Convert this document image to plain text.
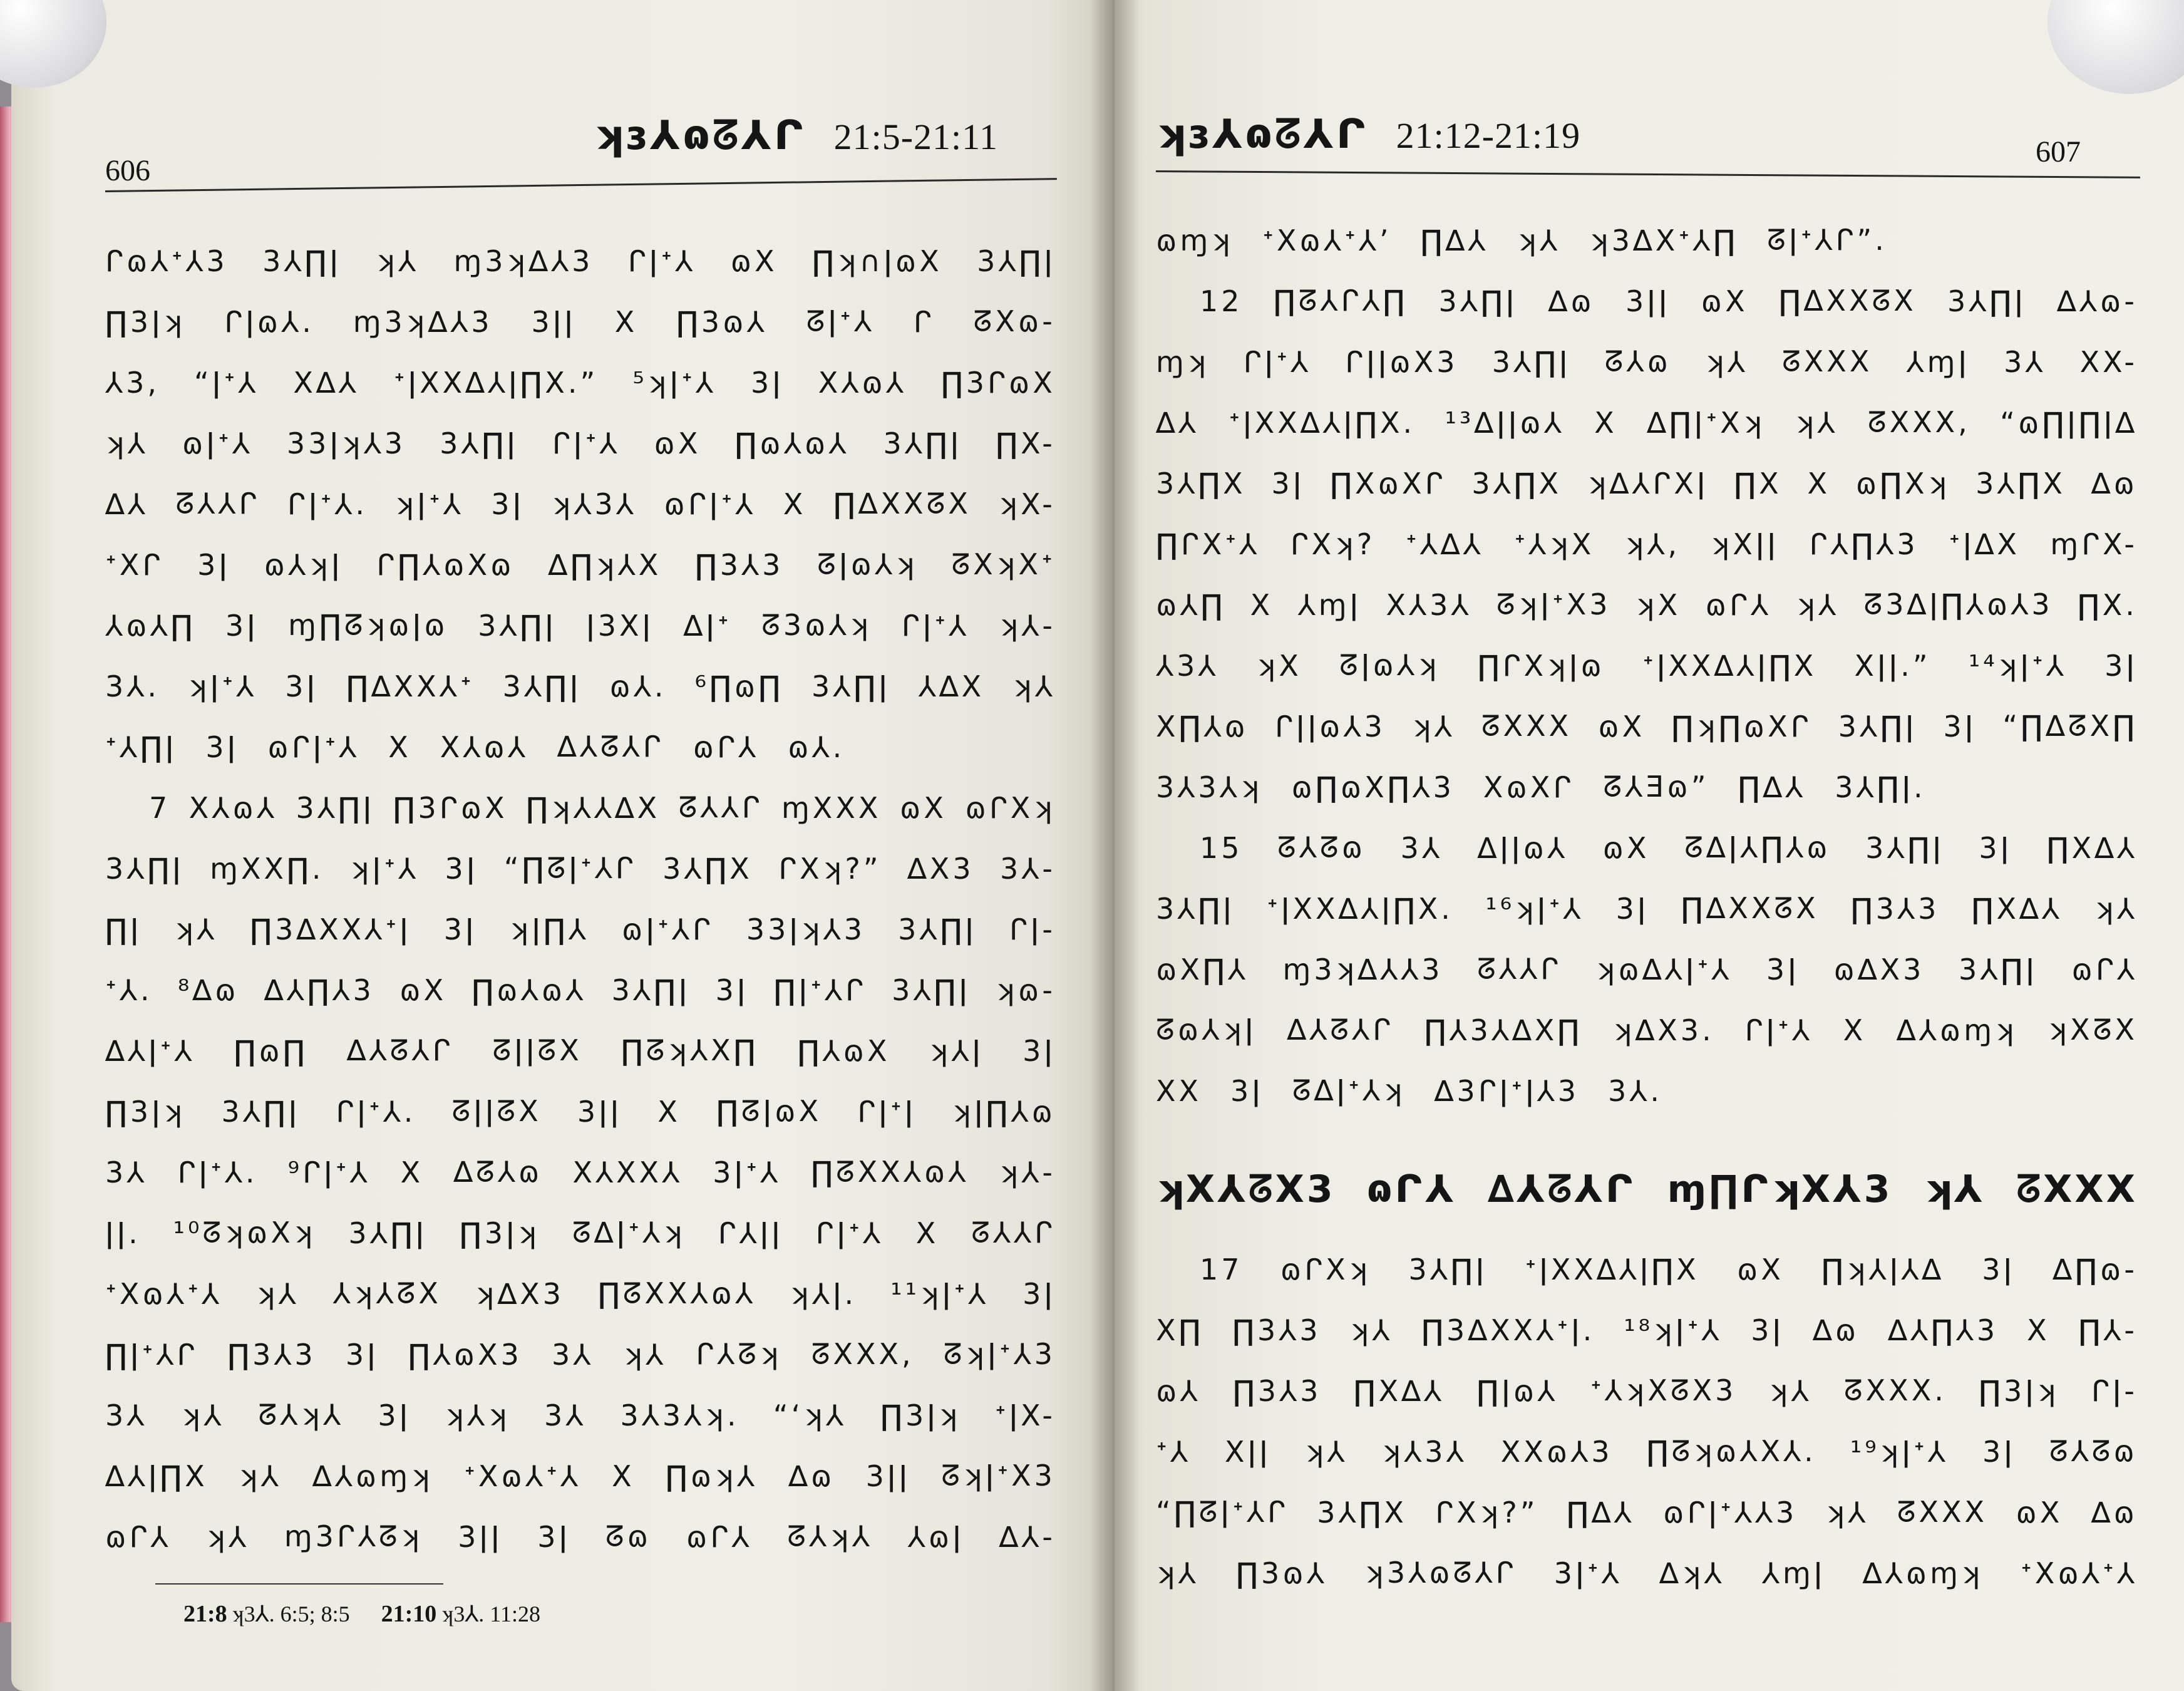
606
ʞɜ⅄ɷᘔ⅄ᒋ 21:5-21:11
ᒋɷ⅄ᐩ⅄3 3⅄∏ǀ ʞ⅄ ɱ3ʞ∆⅄3 ᒋǀᐩ⅄ ɷX ∏ʞ∩ǀɷX 3⅄∏ǀ
∏3ǀʞ ᒋǀɷ⅄. ɱ3ʞ∆⅄3 3ǀǀ X ∏3ɷ⅄ ᘔǀᐩ⅄ ᒋ ᘔXɷ-
⅄3, “ǀᐩ⅄ X∆⅄ ᐩǀXX∆⅄ǀ∏X.” ⁵ʞǀᐩ⅄ 3ǀ X⅄ɷ⅄ ∏3ᒋɷX
ʞ⅄ ɷǀᐩ⅄ 33ǀʞ⅄3 3⅄∏ǀ ᒋǀᐩ⅄ ɷX ∏ɷ⅄ɷ⅄ 3⅄∏ǀ ∏X-
∆⅄ ᘔ⅄⅄ᒋ ᒋǀᐩ⅄. ʞǀᐩ⅄ 3ǀ ʞ⅄3⅄ ɷᒋǀᐩ⅄ X ∏∆XXᘔX ʞX-
ᐩXᒋ 3ǀ ɷ⅄ʞǀ ᒋ∏⅄ɷXɷ ∆∏ʞ⅄X ∏3⅄3 ᘔǀɷ⅄ʞ ᘔXʞXᐩ
⅄ɷ⅄∏ 3ǀ ɱ∏ᘔʞɷǀɷ 3⅄∏ǀ ǀ3Xǀ ∆ǀᐩ ᘔ3ɷ⅄ʞ ᒋǀᐩ⅄ ʞ⅄-
3⅄. ʞǀᐩ⅄ 3ǀ ∏∆XX⅄ᐩ 3⅄∏ǀ ɷ⅄. ⁶∏ɷ∏ 3⅄∏ǀ ⅄∆X ʞ⅄
ᐩ⅄∏ǀ 3ǀ ɷᒋǀᐩ⅄ X X⅄ɷ⅄ ∆⅄ᘔ⅄ᒋ ɷᒋ⅄ ɷ⅄.
7 X⅄ɷ⅄ 3⅄∏ǀ ∏3ᒋɷX ∏ʞ⅄⅄∆X ᘔ⅄⅄ᒋ ɱXXX ɷX ɷᒋXʞ
3⅄∏ǀ ɱXX∏. ʞǀᐩ⅄ 3ǀ “∏ᘔǀᐩ⅄ᒋ 3⅄∏X ᒋXʞ?” ∆X3 3⅄-
∏ǀ ʞ⅄ ∏3∆XX⅄ᐩǀ 3ǀ ʞǀ∏⅄ ɷǀᐩ⅄ᒋ 33ǀʞ⅄3 3⅄∏ǀ ᒋǀ-
ᐩ⅄. ⁸∆ɷ ∆⅄∏⅄3 ɷX ∏ɷ⅄ɷ⅄ 3⅄∏ǀ 3ǀ ∏ǀᐩ⅄ᒋ 3⅄∏ǀ ʞɷ-
∆⅄ǀᐩ⅄ ∏ɷ∏ ∆⅄ᘔ⅄ᒋ ᘔǀǀᘔX ∏ᘔʞ⅄X∏ ∏⅄ɷX ʞ⅄ǀ 3ǀ
∏3ǀʞ 3⅄∏ǀ ᒋǀᐩ⅄. ᘔǀǀᘔX 3ǀǀ X ∏ᘔǀɷX ᒋǀᐩǀ ʞǀ∏⅄ɷ
3⅄ ᒋǀᐩ⅄. ⁹ᒋǀᐩ⅄ X ∆ᘔ⅄ɷ X⅄XX⅄ 3ǀᐩ⅄ ∏ᘔXX⅄ɷ⅄ ʞ⅄-
ǀǀ. ¹⁰ᘔʞɷXʞ 3⅄∏ǀ ∏3ǀʞ ᘔ∆ǀᐩ⅄ʞ ᒋ⅄ǀǀ ᒋǀᐩ⅄ X ᘔ⅄⅄ᒋ
ᐩXɷ⅄ᐩ⅄ ʞ⅄ ⅄ʞ⅄ᘔX ʞ∆X3 ∏ᘔXX⅄ɷ⅄ ʞ⅄ǀ. ¹¹ʞǀᐩ⅄ 3ǀ
∏ǀᐩ⅄ᒋ ∏3⅄3 3ǀ ∏⅄ɷX3 3⅄ ʞ⅄ ᒋ⅄ᘔʞ ᘔXXX, ᘔʞǀᐩ⅄3
3⅄ ʞ⅄ ᘔ⅄ʞ⅄ 3ǀ ʞ⅄ʞ 3⅄ 3⅄3⅄ʞ. “‘ʞ⅄ ∏3ǀʞ ᐩǀX-
∆⅄ǀ∏X ʞ⅄ ∆⅄ɷɱʞ ᐩXɷ⅄ᐩ⅄ X ∏ɷʞ⅄ ∆ɷ 3ǀǀ ᘔʞǀᐩX3
ɷᒋ⅄ ʞ⅄ ɱ3ᒋ⅄ᘔʞ 3ǀǀ 3ǀ ᘔɷ ɷᒋ⅄ ᘔ⅄ʞ⅄ ⅄ɷǀ ∆⅄-
21:8 ʞ3⅄. 6:5; 8:5 21:10 ʞ3⅄. 11:28
ʞɜ⅄ɷᘔ⅄ᒋ 21:12-21:19	607
ɷɱʞ ᐩXɷ⅄ᐩ⅄’ ∏∆⅄ ʞ⅄ ʞ3∆Xᐩ⅄∏ ᘔǀᐩ⅄ᒋ”.
12 ∏ᘔ⅄ᒋ⅄∏ 3⅄∏ǀ ∆ɷ 3ǀǀ ɷX ∏∆XXᘔX 3⅄∏ǀ ∆⅄ɷ-
ɱʞ ᒋǀᐩ⅄ ᒋǀǀɷX3 3⅄∏ǀ ᘔ⅄ɷ ʞ⅄ ᘔXXX ⅄ɱǀ 3⅄ XX-
∆⅄ ᐩǀXX∆⅄ǀ∏X. ¹³∆ǀǀɷ⅄ X ∆∏ǀᐩXʞ ʞ⅄ ᘔXXX, “ɷ∏ǀ∏ǀ∆
3⅄∏X 3ǀ ∏XɷXᒋ 3⅄∏X ʞ∆⅄ᒋXǀ ∏X X ɷ∏Xʞ 3⅄∏X ∆ɷ
∏ᒋXᐩ⅄ ᒋXʞ? ᐩ⅄∆⅄ ᐩ⅄ʞX ʞ⅄, ʞXǀǀ ᒋ⅄∏⅄3 ᐩǀ∆X ɱᒋX-
ɷ⅄∏ X ⅄ɱǀ X⅄3⅄ ᘔʞǀᐩX3 ʞX ɷᒋ⅄ ʞ⅄ ᘔ3∆ǀ∏⅄ɷ⅄3 ∏X.
⅄3⅄ ʞX ᘔǀɷ⅄ʞ ∏ᒋXʞǀɷ ᐩǀXX∆⅄ǀ∏X Xǀǀ.” ¹⁴ʞǀᐩ⅄ 3ǀ
X∏⅄ɷ ᒋǀǀɷ⅄3 ʞ⅄ ᘔXXX ɷX ∏ʞ∏ɷXᒋ 3⅄∏ǀ 3ǀ “∏∆ᘔX∏
3⅄3⅄ʞ ɷ∏ɷX∏⅄3 XɷXᒋ ᘔ⅄Ǝɷ” ∏∆⅄ 3⅄∏ǀ.
15 ᘔ⅄ᘔɷ 3⅄ ∆ǀǀɷ⅄ ɷX ᘔ∆ǀ⅄∏⅄ɷ 3⅄∏ǀ 3ǀ ∏X∆⅄
3⅄∏ǀ ᐩǀXX∆⅄ǀ∏X. ¹⁶ʞǀᐩ⅄ 3ǀ ∏∆XXᘔX ∏3⅄3 ∏X∆⅄ ʞ⅄
ɷX∏⅄ ɱ3ʞ∆⅄⅄3 ᘔ⅄⅄ᒋ ʞɷ∆⅄ǀᐩ⅄ 3ǀ ɷ∆X3 3⅄∏ǀ ɷᒋ⅄
ᘔɷ⅄ʞǀ ∆⅄ᘔ⅄ᒋ ∏⅄3⅄∆X∏ ʞ∆X3. ᒋǀᐩ⅄ X ∆⅄ɷɱʞ ʞXᘔX
XX 3ǀ ᘔ∆ǀᐩ⅄ʞ ∆3ᒋǀᐩǀ⅄3 3⅄.
ʞX⅄ᘔX3 ɷᒋ⅄ ∆⅄ᘔ⅄ᒋ ɱ∏ᒋʞX⅄3 ʞ⅄ ᘔXXX
17 ɷᒋXʞ 3⅄∏ǀ ᐩǀXX∆⅄ǀ∏X ɷX ∏ʞ⅄ǀ⅄∆ 3ǀ ∆∏ɷ-
X∏ ∏3⅄3 ʞ⅄ ∏3∆XX⅄ᐩǀ. ¹⁸ʞǀᐩ⅄ 3ǀ ∆ɷ ∆⅄∏⅄3 X ∏⅄-
ɷ⅄ ∏3⅄3 ∏X∆⅄ ∏ǀɷ⅄ ᐩ⅄ʞXᘔX3 ʞ⅄ ᘔXXX. ∏3ǀʞ ᒋǀ-
ᐩ⅄ Xǀǀ ʞ⅄ ʞ⅄3⅄ XXɷ⅄3 ∏ᘔʞɷ⅄X⅄. ¹⁹ʞǀᐩ⅄ 3ǀ ᘔ⅄ᘔɷ
“∏ᘔǀᐩ⅄ᒋ 3⅄∏X ᒋXʞ?” ∏∆⅄ ɷᒋǀᐩ⅄⅄3 ʞ⅄ ᘔXXX ɷX ∆ɷ
ʞ⅄ ∏3ɷ⅄ ʞ3⅄ɷᘔ⅄ᒋ 3ǀᐩ⅄ ∆ʞ⅄ ⅄ɱǀ ∆⅄ɷɱʞ ᐩXɷ⅄ᐩ⅄
